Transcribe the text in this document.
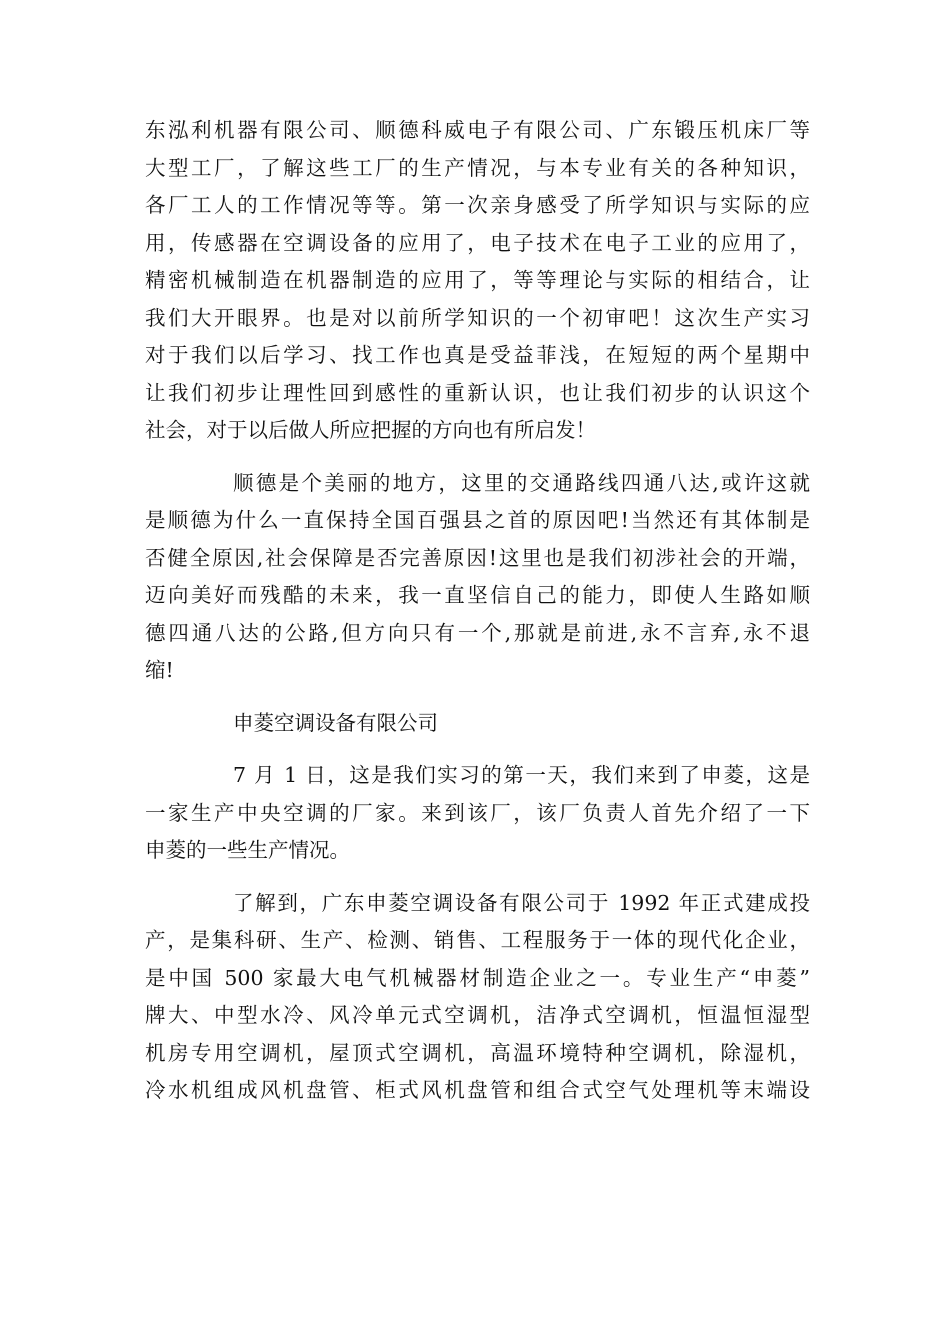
东泓利机器有限公司、顺德科威电子有限公司、广东锻压机床厂等
大型工厂，了解这些工厂的生产情况，与本专业有关的各种知识，
各厂工人的工作情况等等。第一次亲身感受了所学知识与实际的应
用，传感器在空调设备的应用了，电子技术在电子工业的应用了，
精密机械制造在机器制造的应用了，等等理论与实际的相结合，让
我们大开眼界。也是对以前所学知识的一个初审吧！这次生产实习
对于我们以后学习、找工作也真是受益菲浅，在短短的两个星期中
让我们初步让理性回到感性的重新认识，也让我们初步的认识这个
社会，对于以后做人所应把握的方向也有所启发！
顺德是个美丽的地方，这里的交通路线四通八达,或许这就
是顺德为什么一直保持全国百强县之首的原因吧!当然还有其体制是
否健全原因,社会保障是否完善原因!这里也是我们初涉社会的开端，
迈向美好而残酷的未来，我一直坚信自己的能力，即使人生路如顺
德四通八达的公路,但方向只有一个,那就是前进,永不言弃,永不退
缩!
申菱空调设备有限公司
7 月 1 日，这是我们实习的第一天，我们来到了申菱，这是
一家生产中央空调的厂家。来到该厂，该厂负责人首先介绍了一下
申菱的一些生产情况。
了解到，广东申菱空调设备有限公司于 1992 年正式建成投
产，是集科研、生产、检测、销售、工程服务于一体的现代化企业，
是中国 500 家最大电气机械器材制造企业之一。专业生产“申菱”
牌大、中型水冷、风冷单元式空调机，洁净式空调机，恒温恒湿型
机房专用空调机，屋顶式空调机，高温环境特种空调机，除湿机，
冷水机组成风机盘管、柜式风机盘管和组合式空气处理机等末端设
